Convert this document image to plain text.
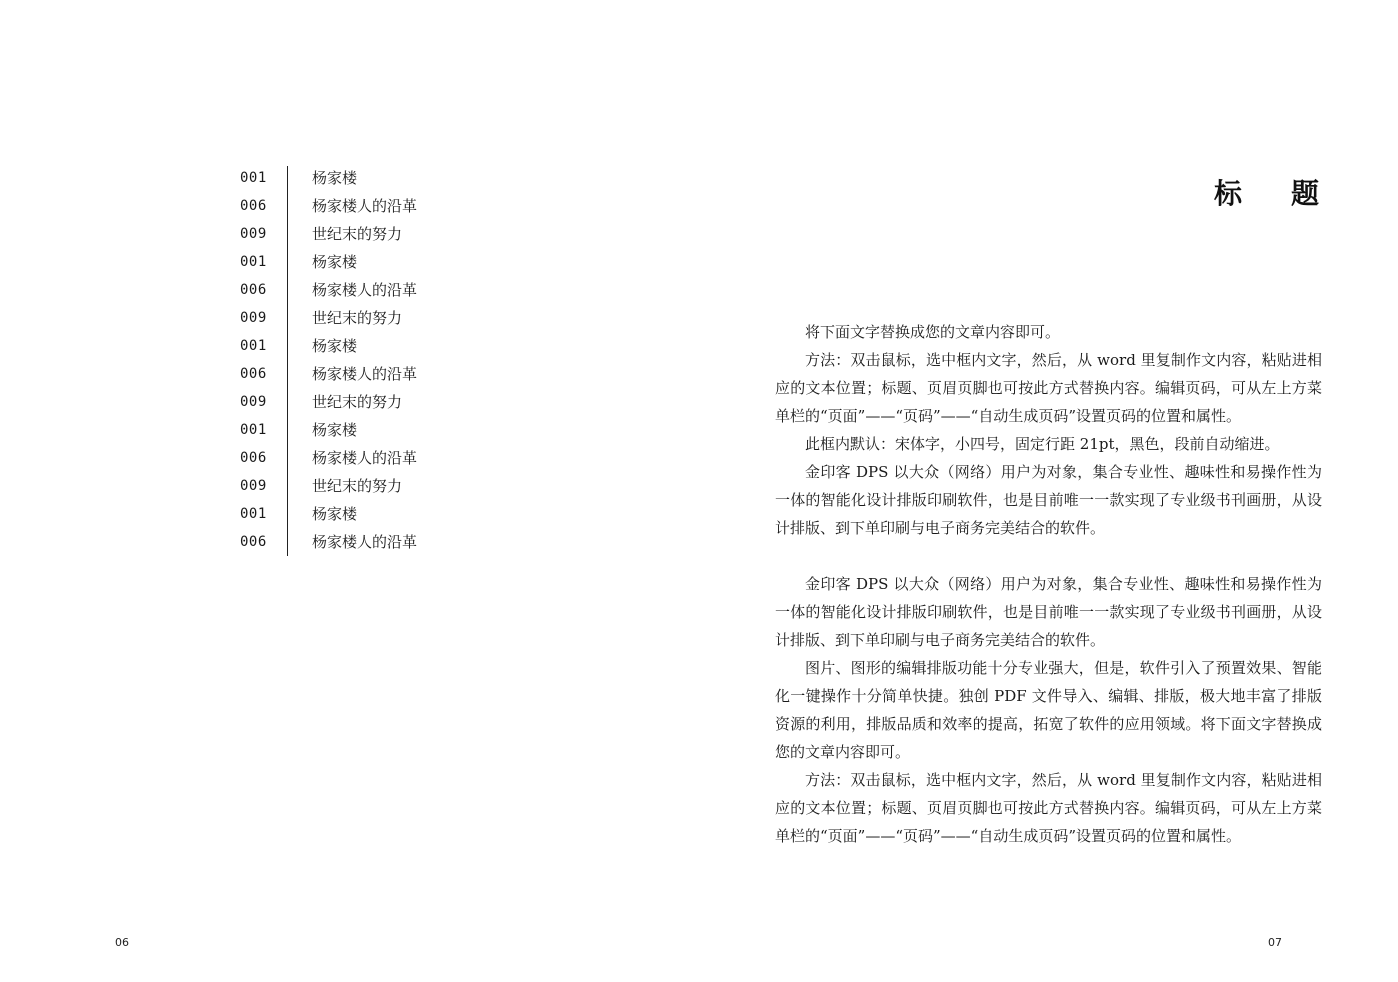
001	杨家楼
006	杨家楼人的沿革
009	世纪末的努力
001	杨家楼
006	杨家楼人的沿革
009	世纪末的努力
001	杨家楼
006	杨家楼人的沿革
009	世纪末的努力
001	杨家楼
006	杨家楼人的沿革
009	世纪末的努力
001	杨家楼
006	杨家楼人的沿革
06
标 题

将下面文字替换成您的文章内容即可。

方法：双击鼠标，选中框内文字，然后，从 word 里复制作文内容，粘贴进相应的文本位置；标题、页眉页脚也可按此方式替换内容。编辑页码，可从左上方菜单栏的“页面”——“页码”——“自动生成页码”设置页码的位置和属性。

此框内默认：宋体字，小四号，固定行距 21pt，黑色，段前自动缩进。

金印客 DPS 以大众（网络）用户为对象，集合专业性、趣味性和易操作性为一体的智能化设计排版印刷软件，也是目前唯一一款实现了专业级书刊画册，从设计排版、到下单印刷与电子商务完美结合的软件。

金印客 DPS 以大众（网络）用户为对象，集合专业性、趣味性和易操作性为一体的智能化设计排版印刷软件，也是目前唯一一款实现了专业级书刊画册，从设计排版、到下单印刷与电子商务完美结合的软件。

图片、图形的编辑排版功能十分专业强大，但是，软件引入了预置效果、智能化一键操作十分简单快捷。独创 PDF 文件导入、编辑、排版，极大地丰富了排版资源的利用，排版品质和效率的提高，拓宽了软件的应用领域。将下面文字替换成您的文章内容即可。

方法：双击鼠标，选中框内文字，然后，从 word 里复制作文内容，粘贴进相应的文本位置；标题、页眉页脚也可按此方式替换内容。编辑页码，可从左上方菜单栏的“页面”——“页码”——“自动生成页码”设置页码的位置和属性。

07
